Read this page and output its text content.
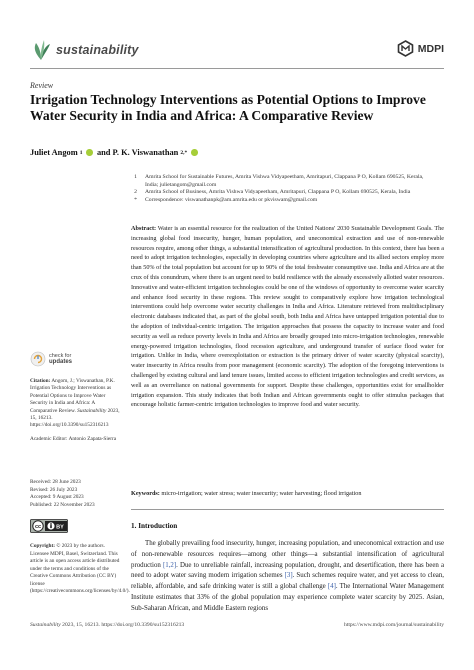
sustainability	MDPI
Review
Irrigation Technology Interventions as Potential Options to Improve Water Security in India and Africa: A Comparative Review
Juliet Angom 1 and P. K. Viswanathan 2,*
1 Amrita School for Sustainable Futures, Amrita Vishwa Vidyapeetham, Amritapuri, Clappana P O, Kollam 690525, Kerala, India; julietangom@gmail.com
2 Amrita School of Business, Amrita Vishwa Vidyapeetham, Amritapuri, Clappana P O, Kollam 690525, Kerala, India
* Correspondence: viswanathanpk@am.amrita.edu or pkviswam@gmail.com
Abstract: Water is an essential resource for the realization of the United Nations' 2030 Sustainable Development Goals. The increasing global food insecurity, hunger, human population, and uneconomical extraction and use of non-renewable resources require, among other things, a substantial intensification of agricultural production. In this context, there has been a need to adopt irrigation technologies, especially in developing countries where agriculture and its allied sectors employ more than 50% of the total population but account for up to 90% of the total freshwater consumptive use. India and Africa are at the crux of this conundrum, where there is an urgent need to build resilience with the already excessively allotted water resources. Innovative and water-efficient irrigation technologies could be one of the windows of opportunity to overcome water scarcity and enhance food security in these regions. This review sought to comparatively explore how irrigation technological interventions could help overcome water security challenges in India and Africa. Literature retrieved from multidisciplinary electronic databases indicated that, as part of the global south, both India and Africa have untapped irrigation potential due to the adoption of individual-centric irrigation. The irrigation approaches that possess the capacity to increase water and food security as well as reduce poverty levels in India and Africa are broadly grouped into micro-irrigation technologies, renewable energy-powered irrigation technologies, flood recession agriculture, and underground transfer of surface flood water for irrigation. Unlike in India, where overexploitation or extraction is the primary driver of water scarcity (physical scarcity), water insecurity in Africa results from poor management (economic scarcity). The adoption of the foregoing interventions is challenged by existing cultural and land tenure issues, limited access to efficient irrigation technologies and credit services, as well as an overreliance on national governments for support. Despite these challenges, opportunities exist for smallholder irrigation expansion. This study indicates that both Indian and African governments ought to offer stimulus packages that encourage holistic farmer-centric irrigation technologies to improve food and water security.
Keywords: micro-irrigation; water stress; water insecurity; water harvesting; flood irrigation
1. Introduction
The globally prevailing food insecurity, hunger, increasing population, and uneconomical extraction and use of non-renewable resources requires—among other things—a substantial intensification of agricultural production [1,2]. Due to unreliable rainfall, increasing population, drought, and desertification, there has been a need to adopt water saving modern irrigation schemes [3]. Such schemes require water, and yet access to clean, reliable, affordable, and safe drinking water is still a global challenge [4]. The International Water Management Institute estimates that 33% of the global population may experience complete water scarcity by 2025. Asian, Sub-Saharan African, and Middle Eastern regions
check for
updates
Citation: Angom, J.; Viswanathan, P.K. Irrigation Technology Interventions as Potential Options to Improve Water Security in India and Africa: A Comparative Review. Sustainability 2023, 15, 16213. https://doi.org/10.3390/su152316213
Academic Editor: Antonio Zapata-Sierra
Received: 28 June 2023
Revised: 26 July 2023
Accepted: 9 August 2023
Published: 22 November 2023
cc	BY
Copyright: © 2023 by the authors. Licensee MDPI, Basel, Switzerland. This article is an open access article distributed under the terms and conditions of the Creative Commons Attribution (CC BY) license (https://creativecommons.org/licenses/by/4.0/).
Sustainability 2023, 15, 16213. https://doi.org/10.3390/su152316213	https://www.mdpi.com/journal/sustainability
